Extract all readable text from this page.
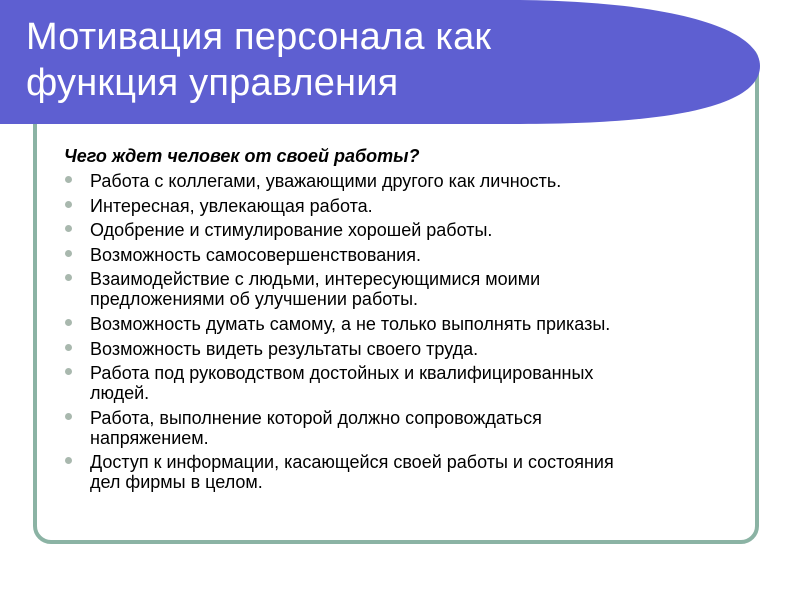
Мотивация персонала как
функция управления

Чего ждет человек от своей работы?

Работа с коллегами, уважающими другого как личность.
Интересная, увлекающая работа.
Одобрение и стимулирование хорошей работы.
Возможность самосовершенствования.
Взаимодействие с людьми, интересующимися моими
предложениями об улучшении работы.
Возможность думать самому, а не только выполнять приказы.
Возможность видеть результаты своего труда.
Работа под руководством достойных и квалифицированных
людей.
Работа, выполнение которой должно сопровождаться
напряжением.
Доступ к информации, касающейся своей работы и состояния
дел фирмы в целом.
